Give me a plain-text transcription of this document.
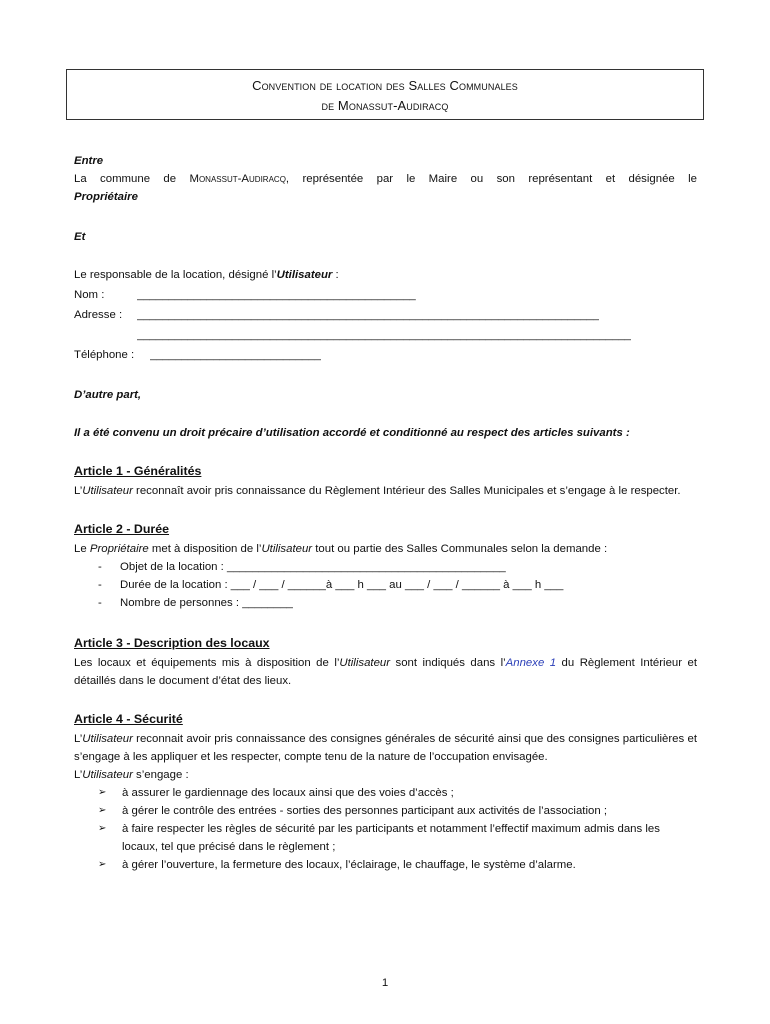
Convention de location des Salles Communales
de Monassut-Audiracq
Entre
La commune de Monassut-Audiracq, représentée par le Maire ou son représentant et désignée le
Propriétaire
Et
Le responsable de la location, désigné l’Utilisateur :
Nom :	____________________________________________
Adresse :	_________________________________________________________________________
______________________________________________________________________________
Téléphone :	___________________________
D’autre part,
Il a été convenu un droit précaire d’utilisation accordé et conditionné au respect des articles suivants :
Article 1 - Généralités
L’Utilisateur reconnaît avoir pris connaissance du Règlement Intérieur des Salles Municipales et s’engage à le respecter.
Article 2 - Durée
Le Propriétaire met à disposition de l’Utilisateur tout ou partie des Salles Communales selon la demande :
-	Objet de la location : ____________________________________________
-	Durée de la location : ___ / ___ / ______à ___ h ___ au ___ / ___ / ______ à ___ h ___
-	Nombre de personnes : ________
Article 3 - Description des locaux
Les locaux et équipements mis à disposition de l’Utilisateur sont indiqués dans l’Annexe 1 du Règlement Intérieur et détaillés dans le document d’état des lieux.
Article 4 - Sécurité
L’Utilisateur reconnait avoir pris connaissance des consignes générales de sécurité ainsi que des consignes particulières et s’engage à les appliquer et les respecter, compte tenu de la nature de l’occupation envisagée.
L’Utilisateur s’engage :
➢	à assurer le gardiennage des locaux ainsi que des voies d’accès ;
➢	à gérer le contrôle des entrées - sorties des personnes participant aux activités de l’association ;
➢	à faire respecter les règles de sécurité par les participants et notamment l’effectif maximum admis dans les locaux, tel que précisé dans le règlement ;
➢	à gérer l’ouverture, la fermeture des locaux, l’éclairage, le chauffage, le système d’alarme.
1
